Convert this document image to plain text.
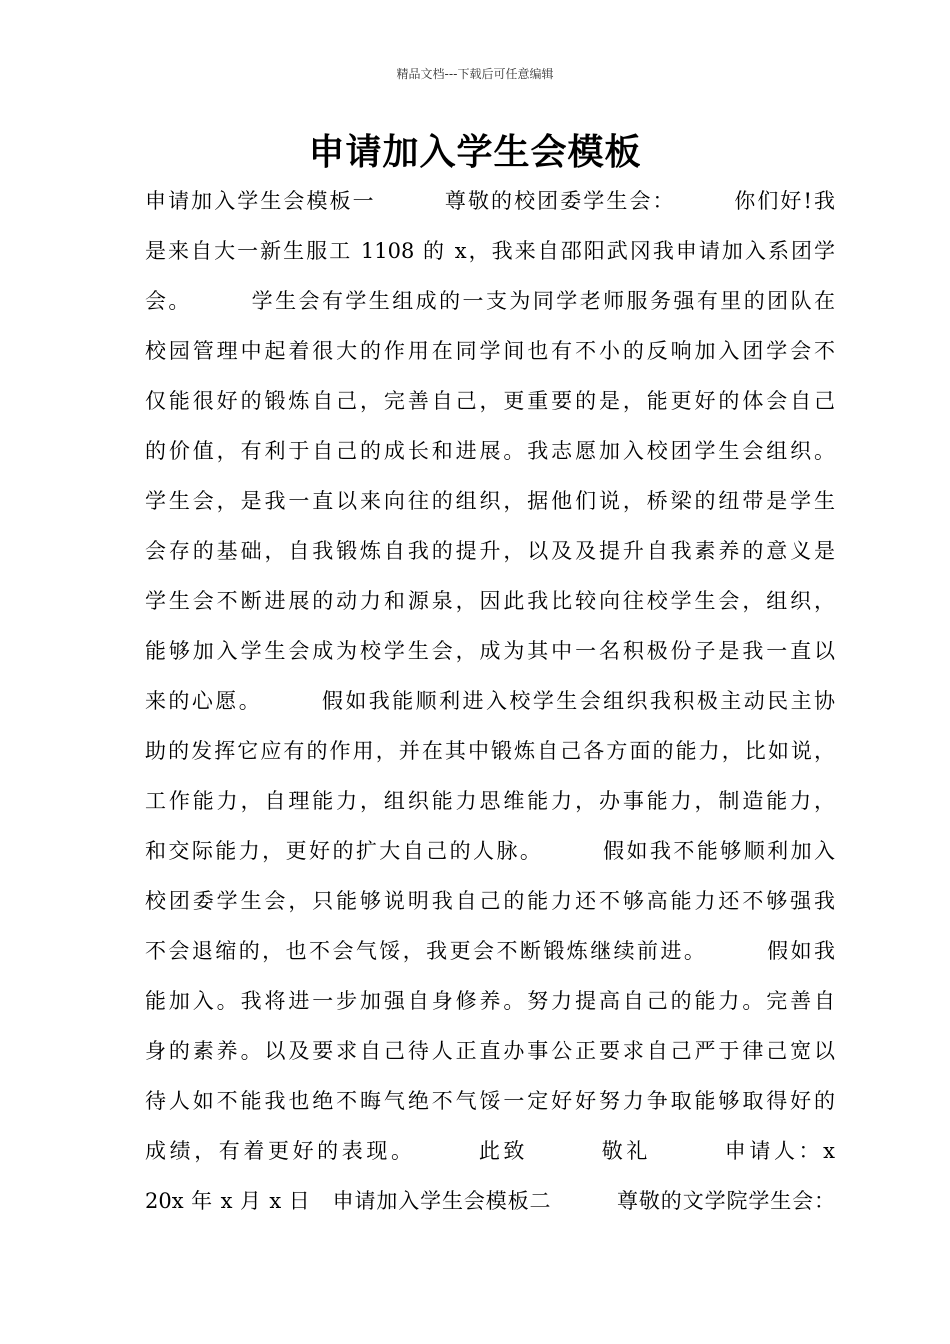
精品文档---下载后可任意编辑
申请加入学生会模板
申请加入学生会模板一　　　尊敬的校团委学生会：　　　你们好!我
是来自大一新生服工 1108 的 x，我来自邵阳武冈我申请加入系团学
会。　　　学生会有学生组成的一支为同学老师服务强有里的团队在
校园管理中起着很大的作用在同学间也有不小的反响加入团学会不
仅能很好的锻炼自己，完善自己，更重要的是，能更好的体会自己
的价值，有利于自己的成长和进展。我志愿加入校团学生会组织。
学生会，是我一直以来向往的组织，据他们说，桥梁的纽带是学生
会存的基础，自我锻炼自我的提升，以及及提升自我素养的意义是
学生会不断进展的动力和源泉，因此我比较向往校学生会，组织，
能够加入学生会成为校学生会，成为其中一名积极份子是我一直以
来的心愿。　　　假如我能顺利进入校学生会组织我积极主动民主协
助的发挥它应有的作用，并在其中锻炼自己各方面的能力，比如说，
工作能力，自理能力，组织能力思维能力，办事能力，制造能力，
和交际能力，更好的扩大自己的人脉。　　　假如我不能够顺利加入
校团委学生会，只能够说明我自己的能力还不够高能力还不够强我
不会退缩的，也不会气馁，我更会不断锻炼继续前进。　　　假如我
能加入。我将进一步加强自身修养。努力提高自己的能力。完善自
身的素养。以及要求自己待人正直办事公正要求自己严于律己宽以
待人如不能我也绝不晦气绝不气馁一定好好努力争取能够取得好的
成绩，有着更好的表现。　　　此致　　　敬礼　　　申请人：x
20x 年 x 月 x 日　申请加入学生会模板二　　　尊敬的文学院学生会：
